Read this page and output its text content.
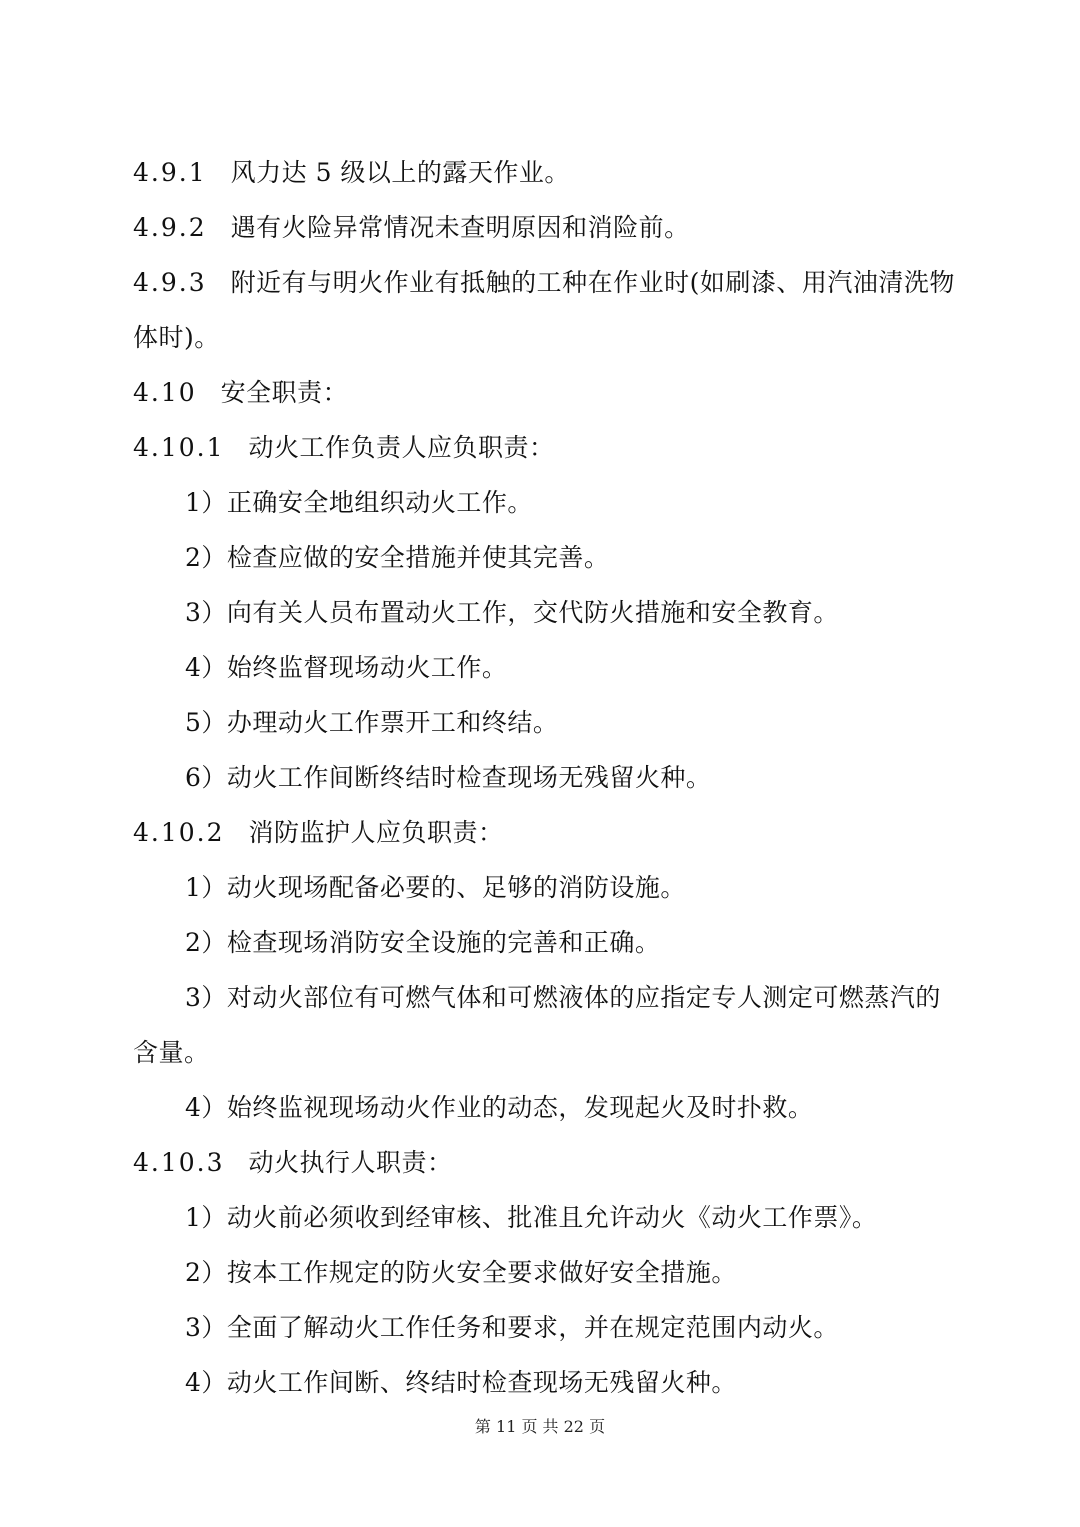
4.9.1 风力达 5 级以上的露天作业。
4.9.2 遇有火险异常情况未查明原因和消险前。
4.9.3 附近有与明火作业有抵触的工种在作业时(如刷漆、用汽油清洗物
体时)。
4.10 安全职责：
4.10.1 动火工作负责人应负职责：
1）正确安全地组织动火工作。
2）检查应做的安全措施并使其完善。
3）向有关人员布置动火工作，交代防火措施和安全教育。
4）始终监督现场动火工作。
5）办理动火工作票开工和终结。
6）动火工作间断终结时检查现场无残留火种。
4.10.2 消防监护人应负职责：
1）动火现场配备必要的、足够的消防设施。
2）检查现场消防安全设施的完善和正确。
3）对动火部位有可燃气体和可燃液体的应指定专人测定可燃蒸汽的
含量。
4）始终监视现场动火作业的动态，发现起火及时扑救。
4.10.3 动火执行人职责：
1）动火前必须收到经审核、批准且允许动火《动火工作票》。
2）按本工作规定的防火安全要求做好安全措施。
3）全面了解动火工作任务和要求，并在规定范围内动火。
4）动火工作间断、终结时检查现场无残留火种。
第 11 页 共 22 页
